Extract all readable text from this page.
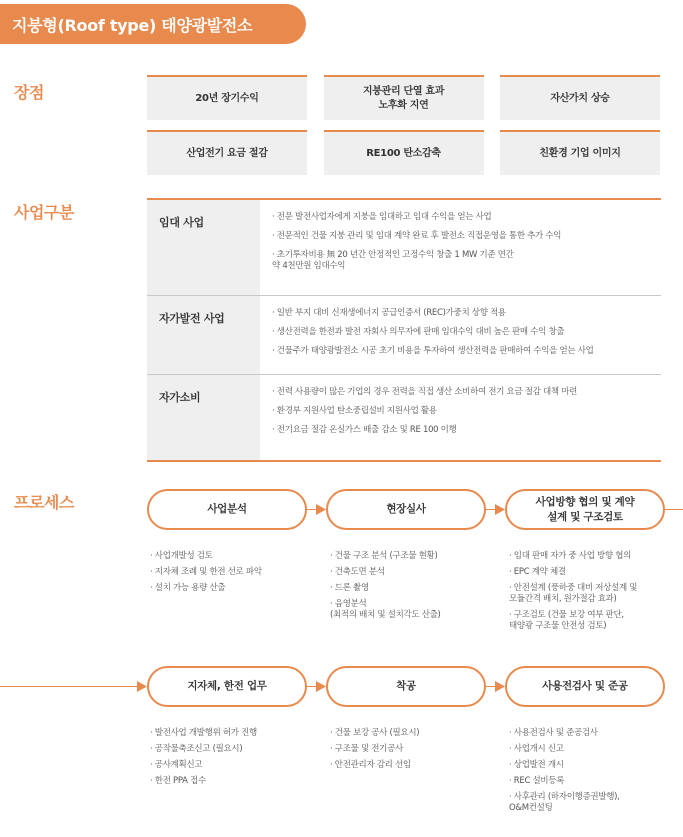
지붕형(Roof type) 태양광발전소
장점	20년 장기수익
지붕관리 단열 효과
노후화 지연
자산가치 상승
산업전기 요금 절감	RE100 탄소감축	친환경 기업 이미지
사업구분
임대 사업	· 전문 발전사업자에게 지붕을 임대하고 임대 수익을 얻는 사업
· 전문적인 건물 지붕 관리 및 임대 계약 완료 후 발전소 직접운영을 통한 추가 수익
· 초기투자비용 無 20 년간 안정적인 고정수익 창출 1 MW 기준 연간
약 4천만원 임대수익
자가발전 사업	· 일반 부지 대비 신재생에너지 공급인증서 (REC)가중치 상향 적용
· 생산전력을 한전과 발전 자회사 의무자에 판매 임대수익 대비 높은 판매 수익 창출
· 건물주가 태양광발전소 시공 초기 비용을 투자하여 생산전력을 판매하여 수익을 얻는 사업
자가소비	· 전력 사용량이 많은 기업의 경우 전력을 직접 생산 소비하여 전기 요금 절감 대책 마련
· 환경부 지원사업 탄소중립설비 지원사업 활용
· 전기요금 절감 온실가스 배출 감소 및 RE 100 이행
프로세스	사업분석	현장실사
사업방향 협의 및 계약
설계 및 구조검토
· 사업개발성 검토
· 지자체 조례 및 한전 선로 파악
· 설치 가능 용량 산출
· 건물 구조 분석 (구조물 현황)
· 건축도면 분석
· 드론 촬영
· 음영분석
(최적의 배치 및 설치각도 산출)
· 임대 판매 자가 중 사업 방향 협의
· EPC 계약 체결
· 안전설계 (풍하중 대비 저상설계 및
모듈간격 배치, 원가절감 효과)
· 구조검토 (건물 보강 여부 판단,
태양광 구조물 안전성 검토)
지자체, 한전 업무	착공	사용전검사 및 준공
· 발전사업 개발행위 허가 진행
· 공작물축조신고 (필요시)
· 공사계획신고
· 한전 PPA 접수
· 건물 보강 공사 (필요시)
· 구조물 및 전기공사
· 안전관리자 감리 선임
· 사용전검사 및 준공검사
· 사업개시 신고
· 상업발전 개시
· REC 설비등록
· 사후관리 (하자이행증권발행),
O&M컨설팅
